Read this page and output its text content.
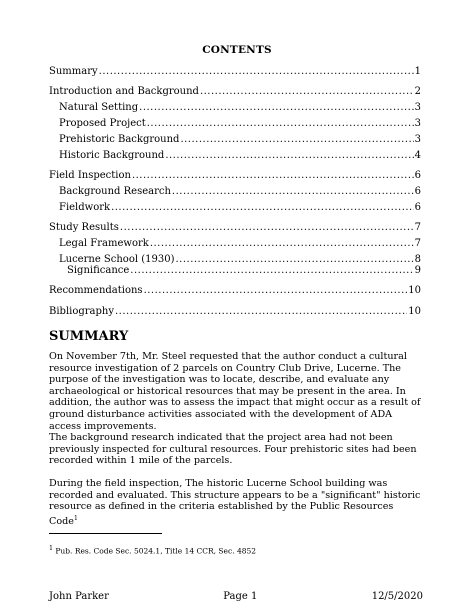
CONTENTS
Summary .....	1
Introduction and Background .....	2
Natural Setting .....	3
Proposed Project .....	3
Prehistoric Background .....	3
Historic Background .....	4
Field Inspection .....	6
Background Research .....	6
Fieldwork .....	6
Study Results .....	7
Legal Framework .....	7
Lucerne School (1930) .....	8
Significance .....	9
Recommendations .....	10
Bibliography .....	10
SUMMARY
On November 7th, Mr. Steel requested that the author conduct a cultural resource investigation of 2 parcels on Country Club Drive, Lucerne. The purpose of the investigation was to locate, describe, and evaluate any archaeological or historical resources that may be present in the area. In addition, the author was to assess the impact that might occur as a result of ground disturbance activities associated with the development of ADA access improvements.
The background research indicated that the project area had not been previously inspected for cultural resources. Four prehistoric sites had been recorded within 1 mile of the parcels.
During the field inspection, The historic Lucerne School building was recorded and evaluated. This structure appears to be a "significant" historic resource as defined in the criteria established by the Public Resources Code$^1$
$^1$ Pub. Res. Code Sec. 5024.1, Title 14 CCR, Sec. 4852
John Parker	Page 1	12/5/2020
